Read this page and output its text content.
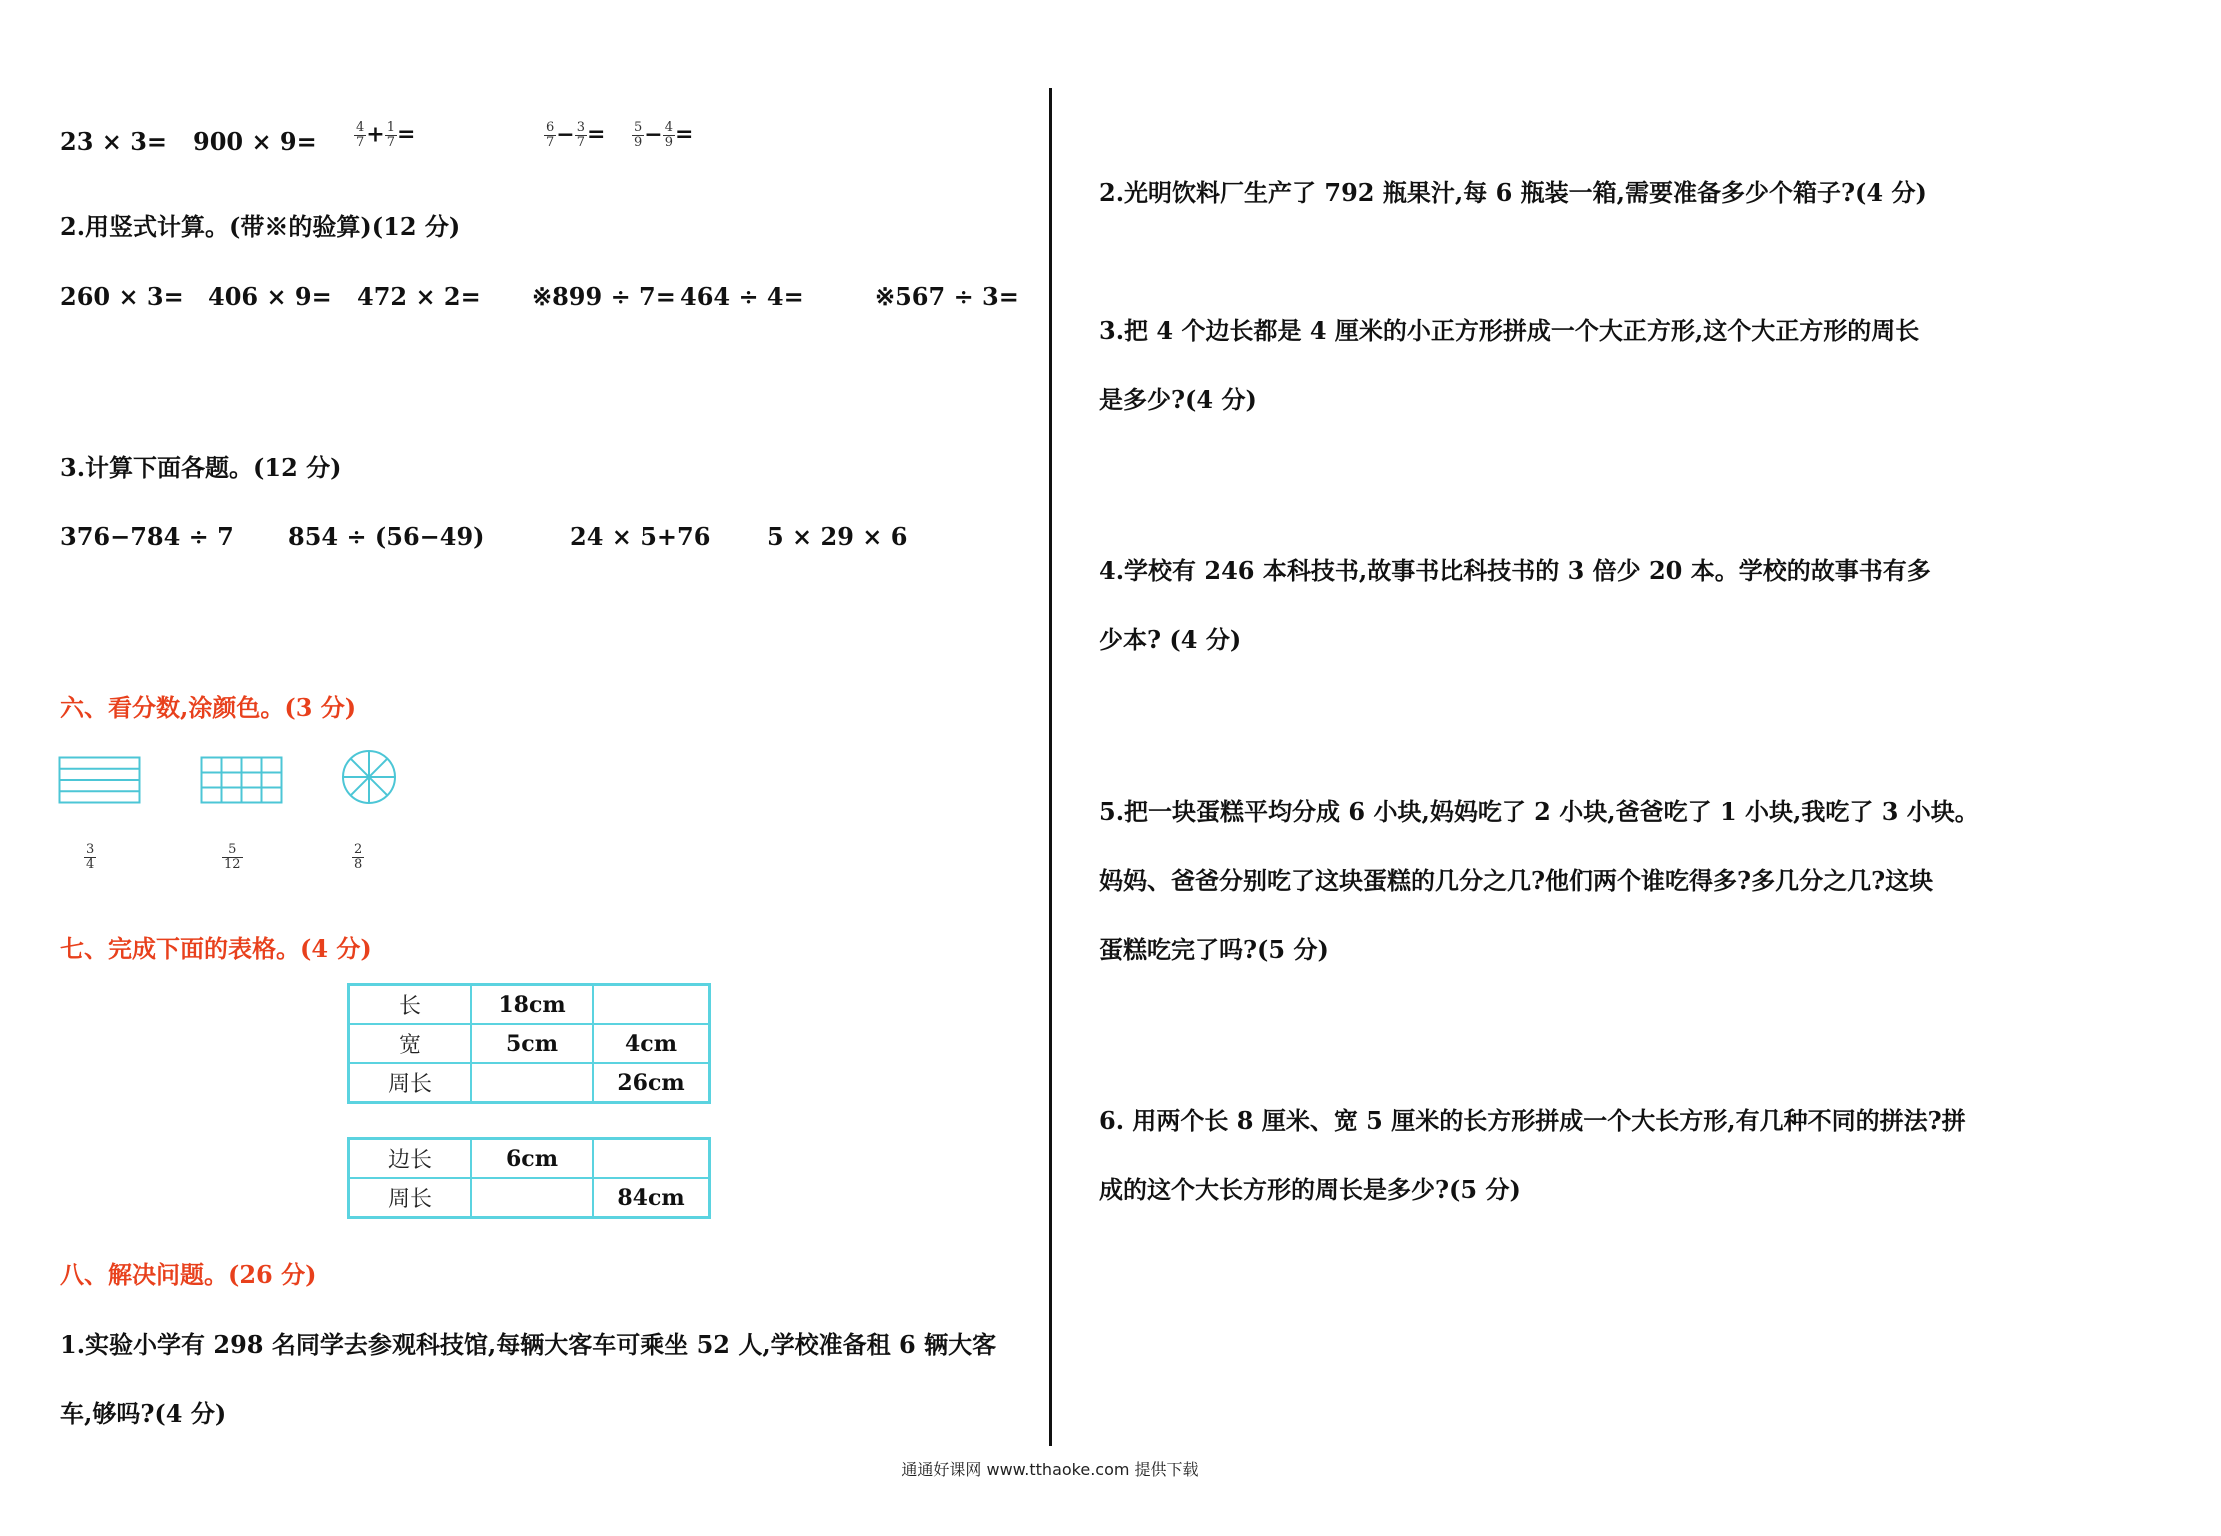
23 × 3= 900 × 9=	$\frac{4}{7} + \frac{1}{7}$ =	$\frac{6}{7} - \frac{3}{7} = \frac{5}{9} - \frac{4}{9}$ =
2.用竖式计算。(带※的验算)(12 分)
260 × 3= 406 × 9= 472 × 2= ※899 ÷ 7= 464 ÷ 4=	※567 ÷ 3=
3.计算下面各题。(12 分)
376−784 ÷ 7 854 ÷ (56−49)	24 × 5+76 5 × 29 × 6
六、看分数,涂颜色。(3 分)
$\frac{3}{4}$	$\frac{5}{12}$	$\frac{2}{8}$
七、完成下面的表格。(4 分)
长	18cm	
宽	5cm	4cm
周长		26cm
边长	6cm	
周长		84cm
八、解决问题。(26 分)
1.实验小学有 298 名同学去参观科技馆,每辆大客车可乘坐 52 人,学校准备租 6 辆大客
车,够吗?(4 分)
2.光明饮料厂生产了 792 瓶果汁,每 6 瓶装一箱,需要准备多少个箱子?(4 分)
3.把 4 个边长都是 4 厘米的小正方形拼成一个大正方形,这个大正方形的周长
是多少?(4 分)
4.学校有 246 本科技书,故事书比科技书的 3 倍少 20 本。学校的故事书有多
少本? (4 分)
5.把一块蛋糕平均分成 6 小块,妈妈吃了 2 小块,爸爸吃了 1 小块,我吃了 3 小块。
妈妈、爸爸分别吃了这块蛋糕的几分之几?他们两个谁吃得多?多几分之几?这块
蛋糕吃完了吗?(5 分)
6. 用两个长 8 厘米、宽 5 厘米的长方形拼成一个大长方形,有几种不同的拼法?拼
成的这个大长方形的周长是多少?(5 分)
通通好课网 www.tthaoke.com 提供下载
